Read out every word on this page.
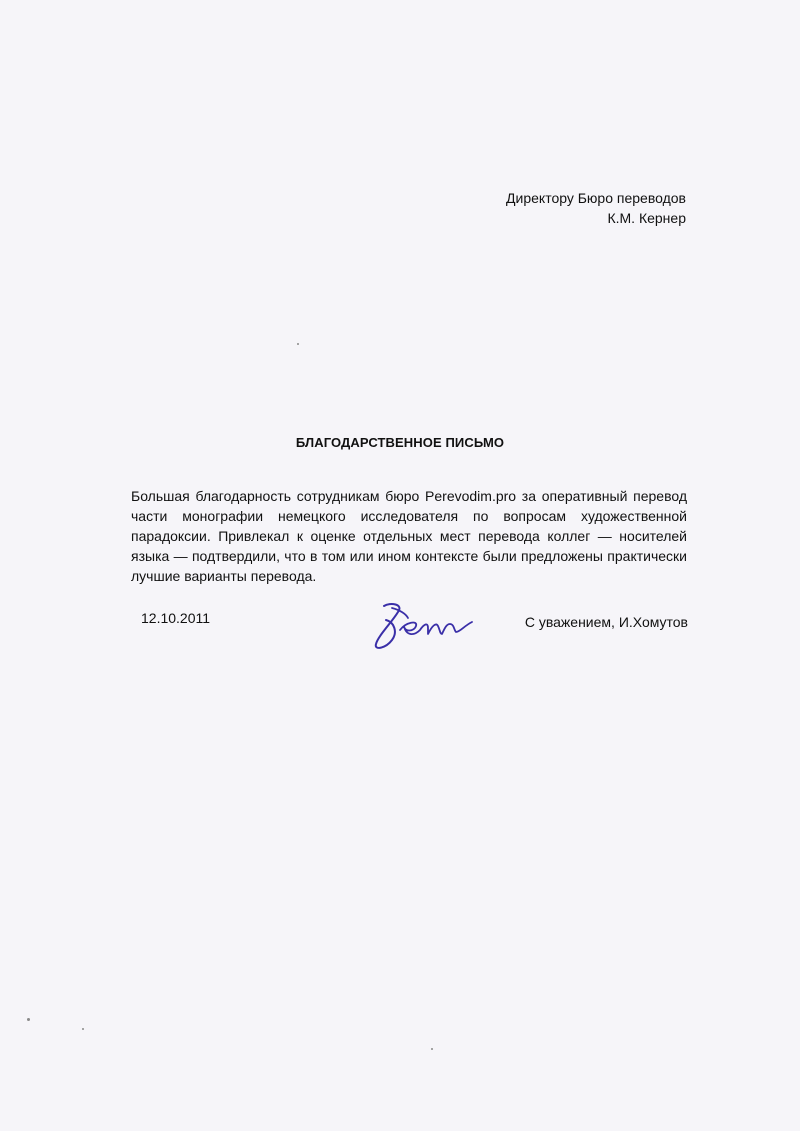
Директору Бюро переводов
К.М. Кернер
БЛАГОДАРСТВЕННОЕ ПИСЬМО
Большая благодарность сотрудникам бюро Perevodim.pro за оперативный перевод части монографии немецкого исследователя по вопросам художественной парадоксии. Привлекал к оценке отдельных мест перевода коллег — носителей языка — подтвердили, что в том или ином контексте были предложены практически лучшие варианты перевода.
12.10.2011	С уважением, И.Хомутов
